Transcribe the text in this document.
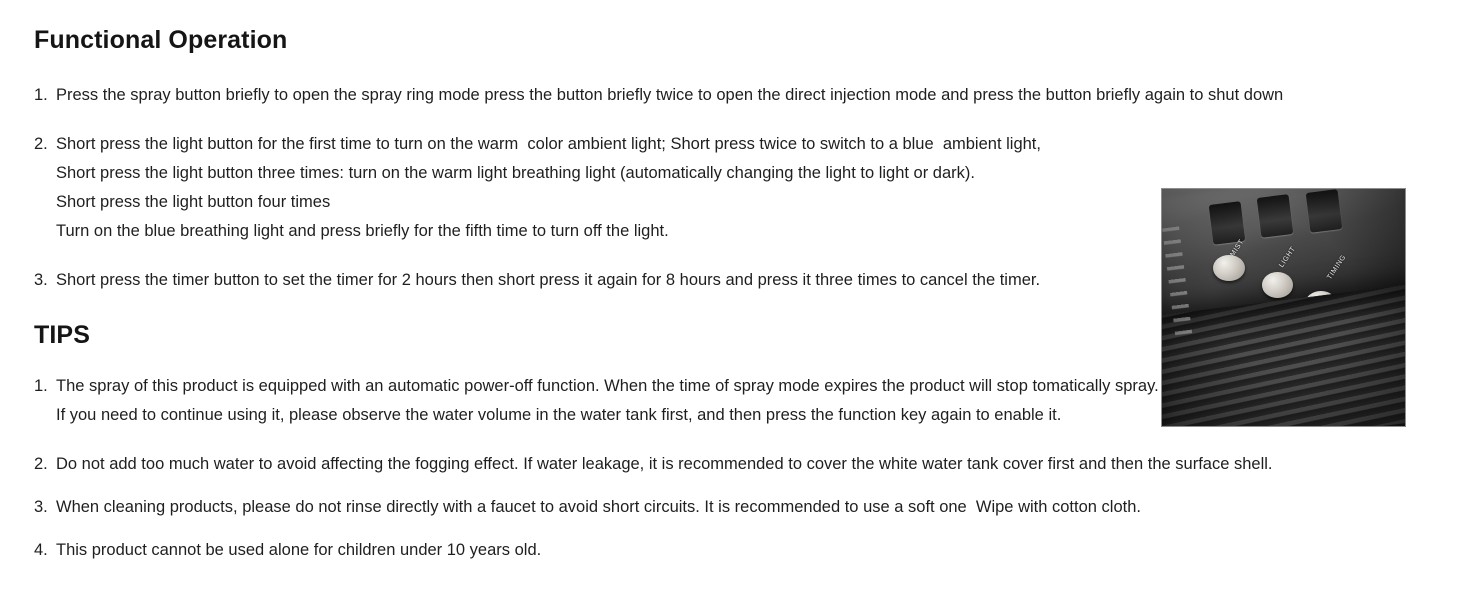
Functional Operation
1. Press the spray button briefly to open the spray ring mode press the button briefly twice to open the direct injection mode and press the button briefly again to shut down
2. Short press the light button for the first time to turn on the warm  color ambient light; Short press twice to switch to a blue  ambient light,
Short press the light button three times: turn on the warm light breathing light (automatically changing the light to light or dark).
Short press the light button four times
Turn on the blue breathing light and press briefly for the fifth time to turn off the light.
3. Short press the timer button to set the timer for 2 hours then short press it again for 8 hours and press it three times to cancel the timer.
TIPS
1. The spray of this product is equipped with an automatic power-off function. When the time of spray mode expires the product will stop tomatically spray.
If you need to continue using it, please observe the water volume in the water tank first, and then press the function key again to enable it.
2. Do not add too much water to avoid affecting the fogging effect. If water leakage, it is recommended to cover the white water tank cover first and then the surface shell.
3. When cleaning products, please do not rinse directly with a faucet to avoid short circuits. It is recommended to use a soft one  Wipe with cotton cloth.
4. This product cannot be used alone for children under 10 years old.
